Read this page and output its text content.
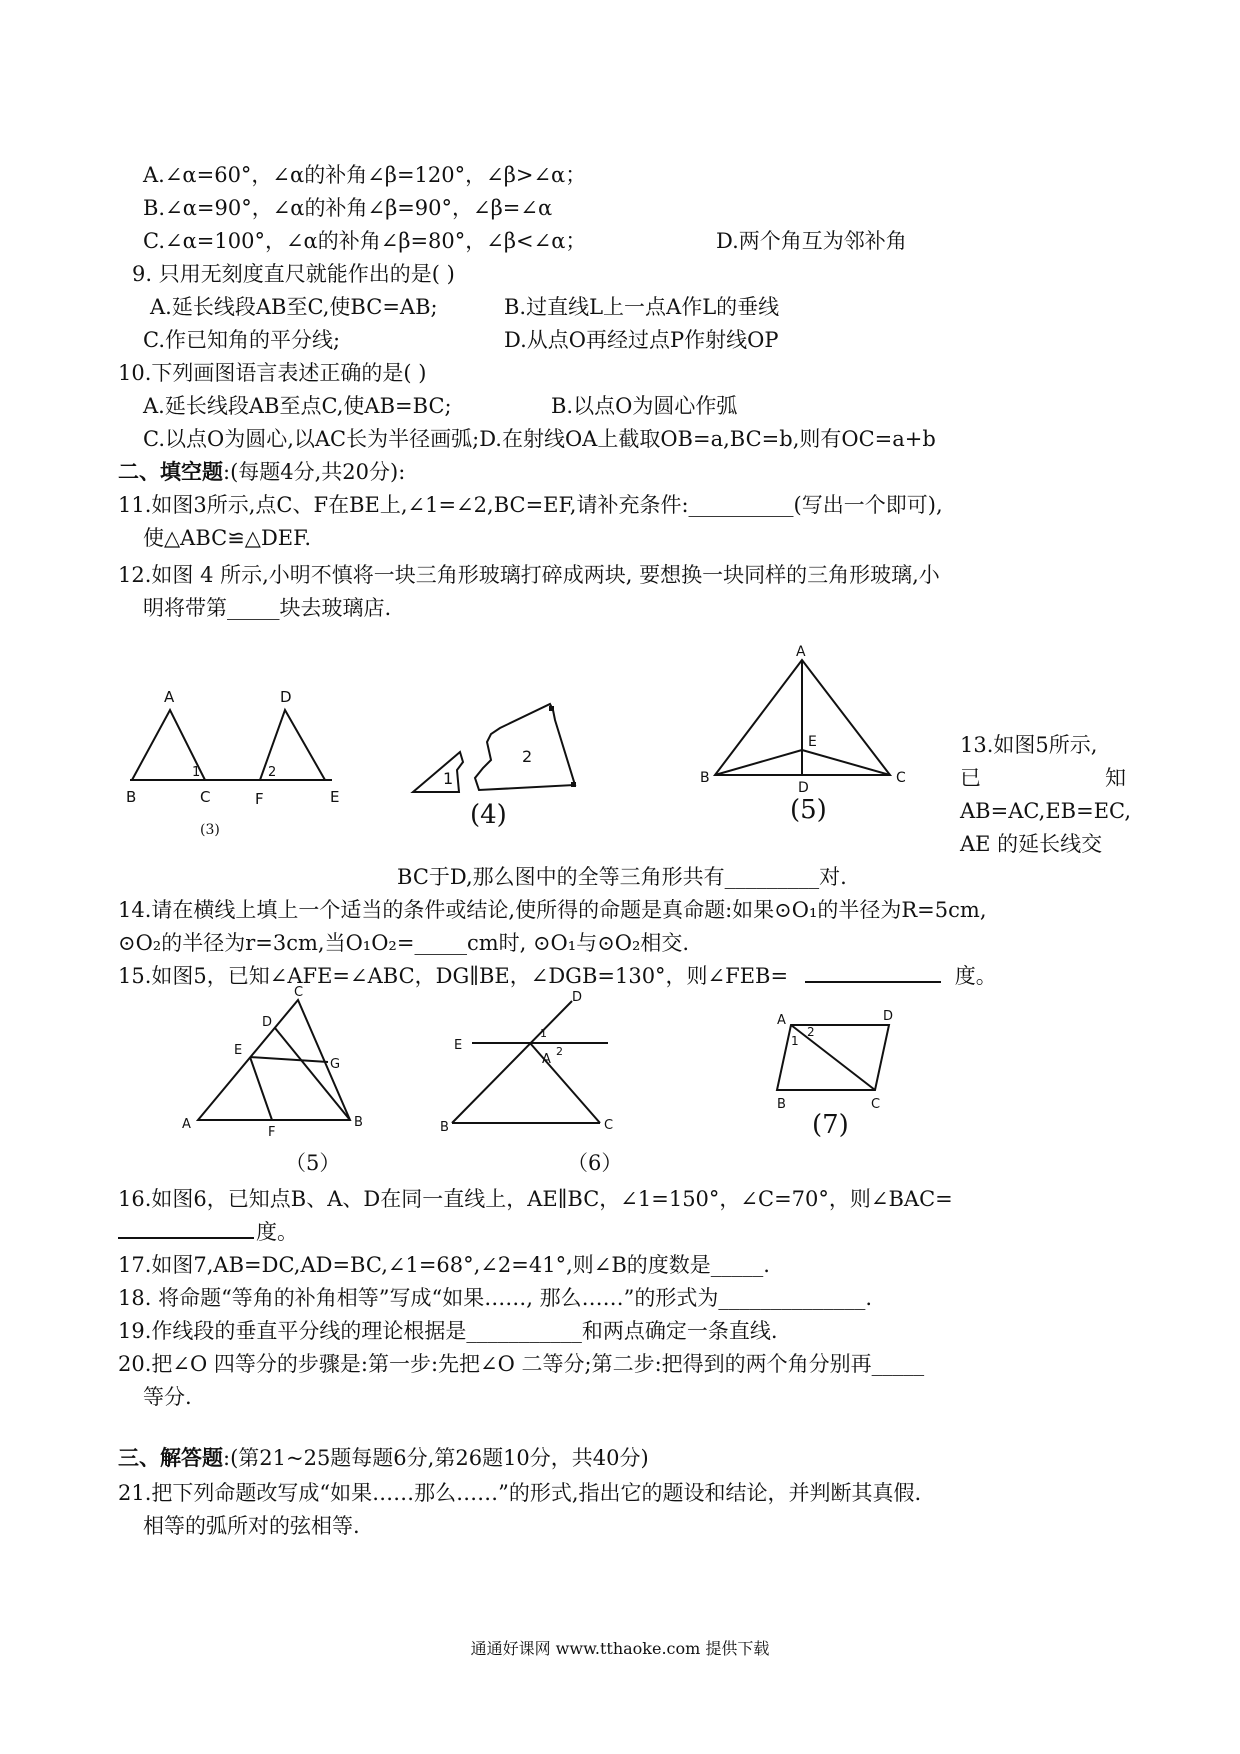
A.∠α=60°，∠α的补角∠β=120°，∠β>∠α；
B.∠α=90°，∠α的补角∠β=90°，∠β=∠α
C.∠α=100°，∠α的补角∠β=80°，∠β<∠α；	D.两个角互为邻补角
9. 只用无刻度直尺就能作出的是( )
A.延长线段AB至C,使BC=AB;	B.过直线L上一点A作L的垂线
C.作已知角的平分线;	D.从点O再经过点P作射线OP
10.下列画图语言表述正确的是( )
A.延长线段AB至点C,使AB=BC;	B.以点O为圆心作弧
C.以点O为圆心,以AC长为半径画弧;D.在射线OA上截取OB=a,BC=b,则有OC=a+b
二、填空题:(每题4分,共20分):
11.如图3所示,点C、F在BE上,∠1=∠2,BC=EF,请补充条件:__________(写出一个即可),
使△ABC≌△DEF.
12.如图 4 所示,小明不慎将一块三角形玻璃打碎成两块, 要想换一块同样的三角形玻璃,小
明将带第_____块去玻璃店.
A	D
B	C	F	E
1	2
(3)
1
2
(4)
A
B	C
D
E
(5)
13.如图5所示,
已	知
AB=AC,EB=EC,
AE 的延长线交
BC于D,那么图中的全等三角形共有_________对.
14.请在横线上填上一个适当的条件或结论,使所得的命题是真命题:如果⊙O₁的半径为R=5cm,
⊙O₂的半径为r=3cm,当O₁O₂=_____cm时, ⊙O₁与⊙O₂相交.
15.如图5，已知∠AFE=∠ABC，DG∥BE，∠DGB=130°，则∠FEB=	度。
C
D
E
G
A
F
B
（5）
D
E
1
2
A
B	C
（6）
A	D
B	C
1
2
(7)
16.如图6，已知点B、A、D在同一直线上，AE∥BC，∠1=150°，∠C=70°，则∠BAC=
度。
17.如图7,AB=DC,AD=BC,∠1=68°,∠2=41°,则∠B的度数是_____.
18. 将命题“等角的补角相等”写成“如果……, 那么……”的形式为______________.
19.作线段的垂直平分线的理论根据是___________和两点确定一条直线.
20.把∠O 四等分的步骤是:第一步:先把∠O 二等分;第二步:把得到的两个角分别再_____
等分.
三、解答题:(第21~25题每题6分,第26题10分，共40分)
21.把下列命题改写成“如果……那么……”的形式,指出它的题设和结论，并判断其真假.
相等的弧所对的弦相等.
通通好课网 www.tthaoke.com 提供下载
